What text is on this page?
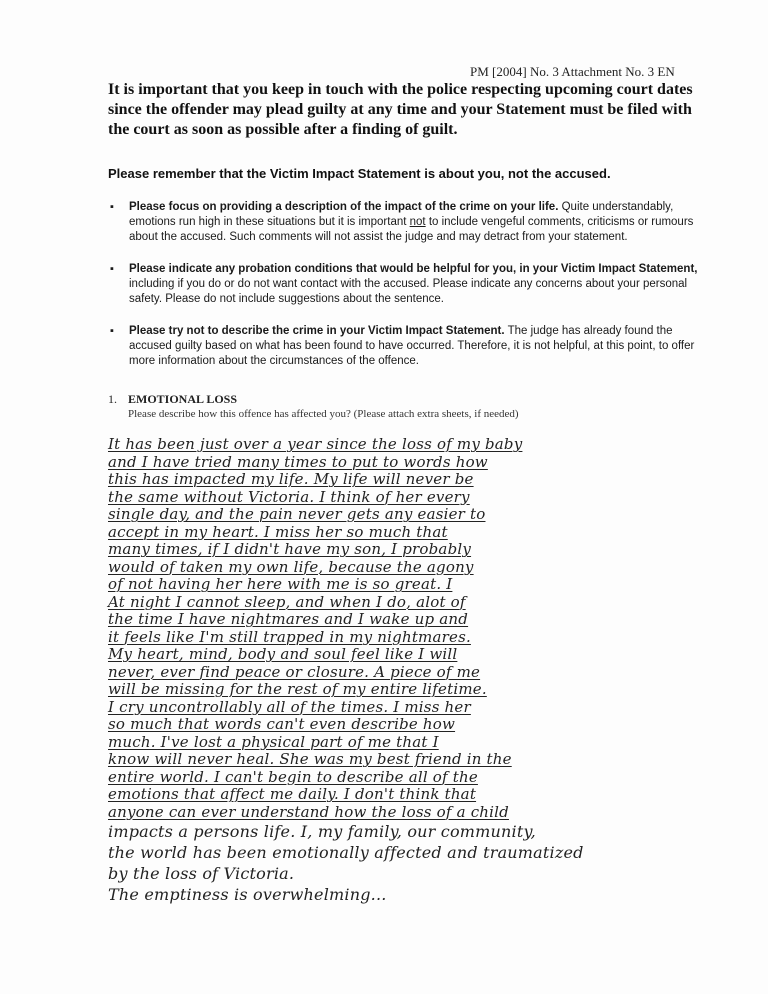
PM [2004] No. 3 Attachment No. 3 EN
It is important that you keep in touch with the police respecting upcoming court dates since the offender may plead guilty at any time and your Statement must be filed with the court as soon as possible after a finding of guilt.
Please remember that the Victim Impact Statement is about you, not the accused.
▪ Please focus on providing a description of the impact of the crime on your life. Quite understandably, emotions run high in these situations but it is important not to include vengeful comments, criticisms or rumours about the accused. Such comments will not assist the judge and may detract from your statement.
▪ Please indicate any probation conditions that would be helpful for you, in your Victim Impact Statement, including if you do or do not want contact with the accused. Please indicate any concerns about your personal safety. Please do not include suggestions about the sentence.
▪ Please try not to describe the crime in your Victim Impact Statement. The judge has already found the accused guilty based on what has been found to have occurred. Therefore, it is not helpful, at this point, to offer more information about the circumstances of the offence.
1. EMOTIONAL LOSS
Please describe how this offence has affected you? (Please attach extra sheets, if needed)
It has been just over a year since the loss of my baby
and I have tried many times to put to words how
this has impacted my life. My life will never be
the same without Victoria. I think of her every
single day, and the pain never gets any easier to
accept in my heart. I miss her so much that
many times, if I didn't have my son, I probably
would of taken my own life, because the agony
of not having her here with me is so great. I
At night I cannot sleep, and when I do, alot of
the time I have nightmares and I wake up and
it feels like I'm still trapped in my nightmares.
My heart, mind, body and soul feel like I will
never, ever find peace or closure. A piece of me
will be missing for the rest of my entire lifetime.
I cry uncontrollably all of the times. I miss her
so much that words can't even describe how
much. I've lost a physical part of me that I
know will never heal. She was my best friend in the
entire world. I can't begin to describe all of the
emotions that affect me daily. I don't think that
anyone can ever understand how the loss of a child
impacts a persons life. I, my family, our community,
the world has been emotionally affected and traumatized
by the loss of Victoria.
The emptiness is overwhelming...
